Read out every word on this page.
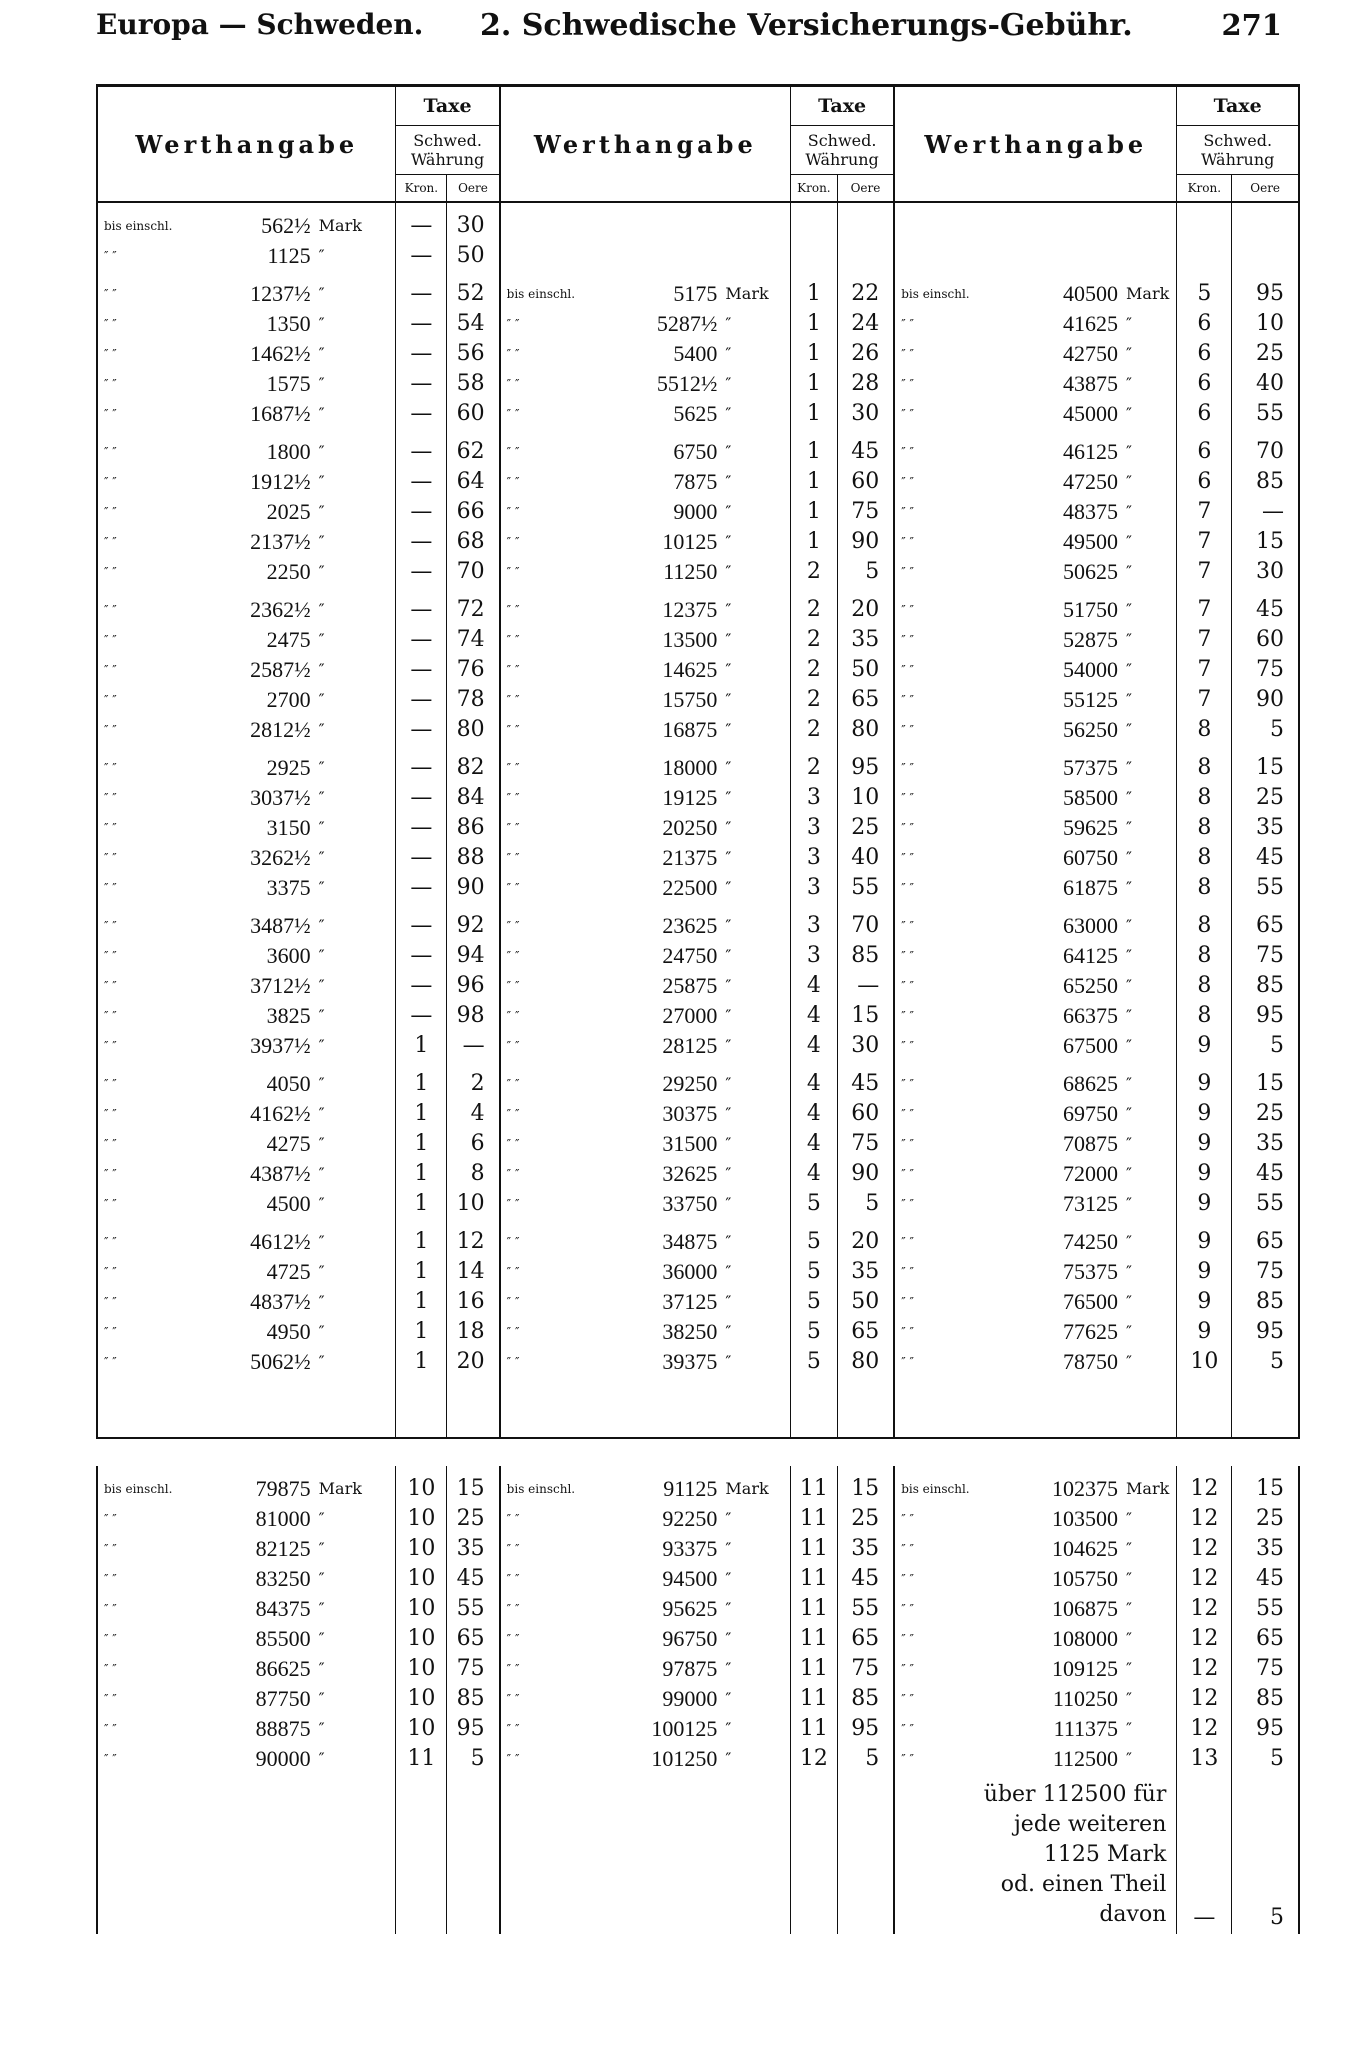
Europa — Schweden. 2. Schwedische Versicherungs-Gebühr.	271
Werthangabe			Taxe		Werthangabe			Taxe		Werthangabe			Taxe	
			Schwed. Währung					Schwed. Währung					Schwed. Währung	
			Kron.	Oere				Kron.	Oere				Kron.	Oere

bis einschl.	562½	Mark	—	30										
″ ″	1125	″	—	50										

″ ″	1237½	″	—	52	bis einschl.	5175	Mark	1	22	bis einschl.	40500	Mark	5	95
″ ″	1350	″	—	54	″ ″	5287½	″	1	24	″ ″	41625	″	6	10
″ ″	1462½	″	—	56	″ ″	5400	″	1	26	″ ″	42750	″	6	25
″ ″	1575	″	—	58	″ ″	5512½	″	1	28	″ ″	43875	″	6	40
″ ″	1687½	″	—	60	″ ″	5625	″	1	30	″ ″	45000	″	6	55

″ ″	1800	″	—	62	″ ″	6750	″	1	45	″ ″	46125	″	6	70
″ ″	1912½	″	—	64	″ ″	7875	″	1	60	″ ″	47250	″	6	85
″ ″	2025	″	—	66	″ ″	9000	″	1	75	″ ″	48375	″	7	—
″ ″	2137½	″	—	68	″ ″	10125	″	1	90	″ ″	49500	″	7	15
″ ″	2250	″	—	70	″ ″	11250	″	2	5	″ ″	50625	″	7	30

″ ″	2362½	″	—	72	″ ″	12375	″	2	20	″ ″	51750	″	7	45
″ ″	2475	″	—	74	″ ″	13500	″	2	35	″ ″	52875	″	7	60
″ ″	2587½	″	—	76	″ ″	14625	″	2	50	″ ″	54000	″	7	75
″ ″	2700	″	—	78	″ ″	15750	″	2	65	″ ″	55125	″	7	90
″ ″	2812½	″	—	80	″ ″	16875	″	2	80	″ ″	56250	″	8	5

″ ″	2925	″	—	82	″ ″	18000	″	2	95	″ ″	57375	″	8	15
″ ″	3037½	″	—	84	″ ″	19125	″	3	10	″ ″	58500	″	8	25
″ ″	3150	″	—	86	″ ″	20250	″	3	25	″ ″	59625	″	8	35
″ ″	3262½	″	—	88	″ ″	21375	″	3	40	″ ″	60750	″	8	45
″ ″	3375	″	—	90	″ ″	22500	″	3	55	″ ″	61875	″	8	55

″ ″	3487½	″	—	92	″ ″	23625	″	3	70	″ ″	63000	″	8	65
″ ″	3600	″	—	94	″ ″	24750	″	3	85	″ ″	64125	″	8	75
″ ″	3712½	″	—	96	″ ″	25875	″	4	—	″ ″	65250	″	8	85
″ ″	3825	″	—	98	″ ″	27000	″	4	15	″ ″	66375	″	8	95
″ ″	3937½	″	1	—	″ ″	28125	″	4	30	″ ″	67500	″	9	5

″ ″	4050	″	1	2	″ ″	29250	″	4	45	″ ″	68625	″	9	15
″ ″	4162½	″	1	4	″ ″	30375	″	4	60	″ ″	69750	″	9	25
″ ″	4275	″	1	6	″ ″	31500	″	4	75	″ ″	70875	″	9	35
″ ″	4387½	″	1	8	″ ″	32625	″	4	90	″ ″	72000	″	9	45
″ ″	4500	″	1	10	″ ″	33750	″	5	5	″ ″	73125	″	9	55

″ ″	4612½	″	1	12	″ ″	34875	″	5	20	″ ″	74250	″	9	65
″ ″	4725	″	1	14	″ ″	36000	″	5	35	″ ″	75375	″	9	75
″ ″	4837½	″	1	16	″ ″	37125	″	5	50	″ ″	76500	″	9	85
″ ″	4950	″	1	18	″ ″	38250	″	5	65	″ ″	77625	″	9	95
″ ″	5062½	″	1	20	″ ″	39375	″	5	80	″ ″	78750	″	10	5

bis einschl.	79875	Mark	10	15	bis einschl.	91125	Mark	11	15	bis einschl.	102375	Mark	12	15
″ ″	81000	″	10	25	″ ″	92250	″	11	25	″ ″	103500	″	12	25
″ ″	82125	″	10	35	″ ″	93375	″	11	35	″ ″	104625	″	12	35
″ ″	83250	″	10	45	″ ″	94500	″	11	45	″ ″	105750	″	12	45
″ ″	84375	″	10	55	″ ″	95625	″	11	55	″ ″	106875	″	12	55
″ ″	85500	″	10	65	″ ″	96750	″	11	65	″ ″	108000	″	12	65
″ ″	86625	″	10	75	″ ″	97875	″	11	75	″ ″	109125	″	12	75
″ ″	87750	″	10	85	″ ″	99000	″	11	85	″ ″	110250	″	12	85
″ ″	88875	″	10	95	″ ″	100125	″	11	95	″ ″	111375	″	12	95
″ ″	90000	″	11	5	″ ″	101250	″	12	5	″ ″	112500	″	13	5

										über 112500 für
jede weiteren
1125 Mark
od. einen Theil
davon			—	5
